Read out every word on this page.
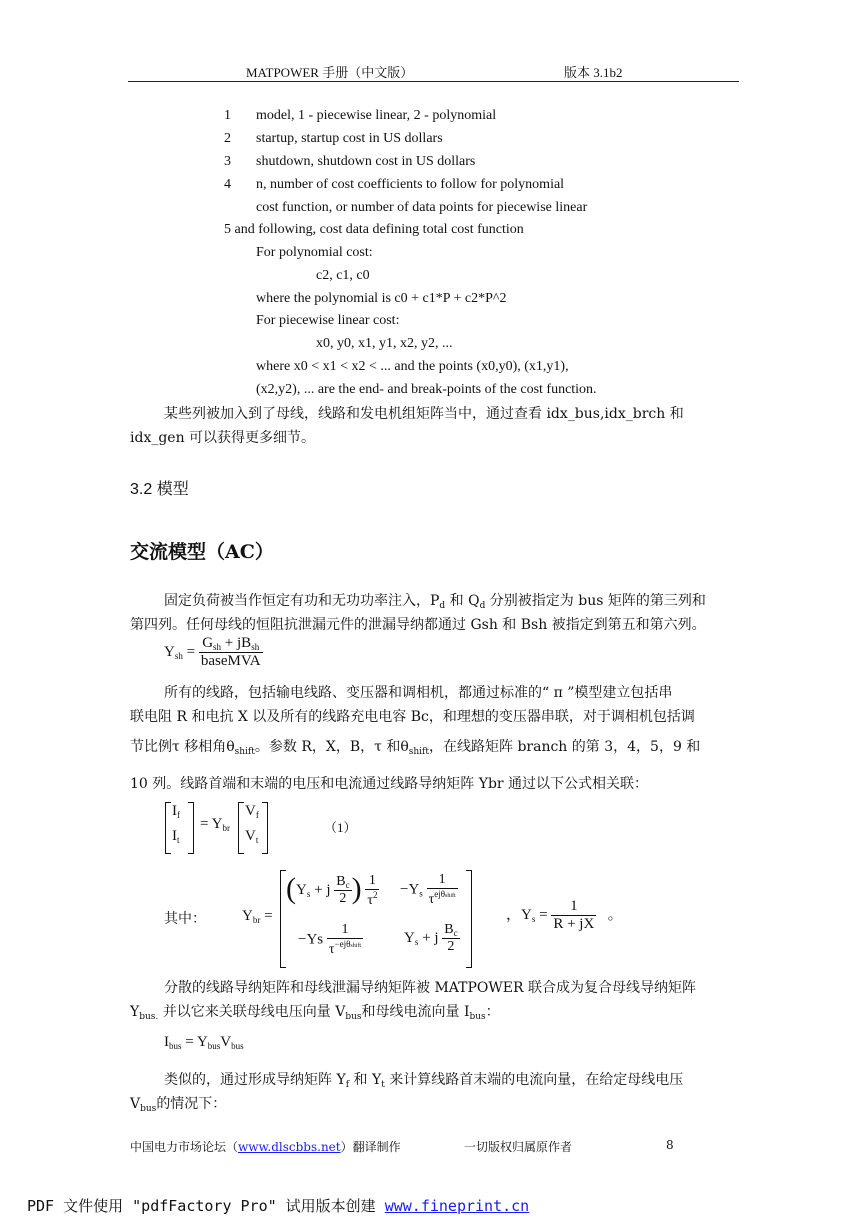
MATPOWER 手册（中文版）	版本 3.1b2
1 model, 1 - piecewise linear, 2 - polynomial
2 startup, startup cost in US dollars
3 shutdown, shutdown cost in US dollars
4 n, number of cost coefficients to follow for polynomial
cost function, or number of data points for piecewise linear
5 and following, cost data defining total cost function
For polynomial cost:
c2, c1, c0
where the polynomial is c0 + c1*P + c2*P^2
For piecewise linear cost:
x0, y0, x1, y1, x2, y2, ...
where x0 < x1 < x2 < ... and the points (x0,y0), (x1,y1),
(x2,y2), ... are the end- and break-points of the cost function.
某些列被加入到了母线，线路和发电机组矩阵当中，通过查看 idx_bus,idx_brch 和
idx_gen 可以获得更多细节。
3.2 模型
交流模型（AC）
固定负荷被当作恒定有功和无功功率注入，$P_d$ 和 $Q_d$ 分别被指定为 bus 矩阵的第三列和
第四列。任何母线的恒阻抗泄漏元件的泄漏导纳都通过 Gsh 和 Bsh 被指定到第五和第六列。
$Y_{sh} = \frac{G_{sh} + jB_{sh}}{\text{baseMVA}}$
所有的线路，包括输电线路、变压器和调相机，都通过标准的“ π ”模型建立包括串
联电阻 R 和电抗 X 以及所有的线路充电电容 Bc，和理想的变压器串联，对于调相机包括调
节比例τ 移相角$\theta_{shift}$。参数 R，X，B，τ 和$\theta_{shift}$，在线路矩阵 branch 的第 3，4，5，9 和
10 列。线路首端和末端的电压和电流通过线路导纳矩阵 Ybr 通过以下公式相关联：
$I_f$
$I_t$
= $Y_{br}$
$V_f$
$V_t$
（1）
其中： $Y_{br}$ =
($Y_s + j \frac{B_c}{2}$ ) $\frac{1}{\tau^2} -Y_s \frac{1}{\tau^{ej\theta shift}}$
$-Ys \frac{1}{\tau^{-ej\theta shift}}$	$Y_s + j \frac{B_c}{2}$
，$Y_s = \frac{1}{R + jX}$ 。
分散的线路导纳矩阵和母线泄漏导纳矩阵被 MATPOWER 联合成为复合母线导纳矩阵
$Y_{bus.}$ 并以它来关联母线电压向量 $V_{bus}$和母线电流向量 $I_{bus}$：
$I_{bus} = Y_{bus}V_{bus}$
类似的，通过形成导纳矩阵 $Y_f$ 和 $Y_t$ 来计算线路首末端的电流向量，在给定母线电压
$V_{bus}$的情况下：
中国电力市场论坛（www.dlscbbs.net）翻译制作	一切版权归属原作者	8
PDF 文件使用 "pdfFactory Pro" 试用版本创建 www.fineprint.cn
